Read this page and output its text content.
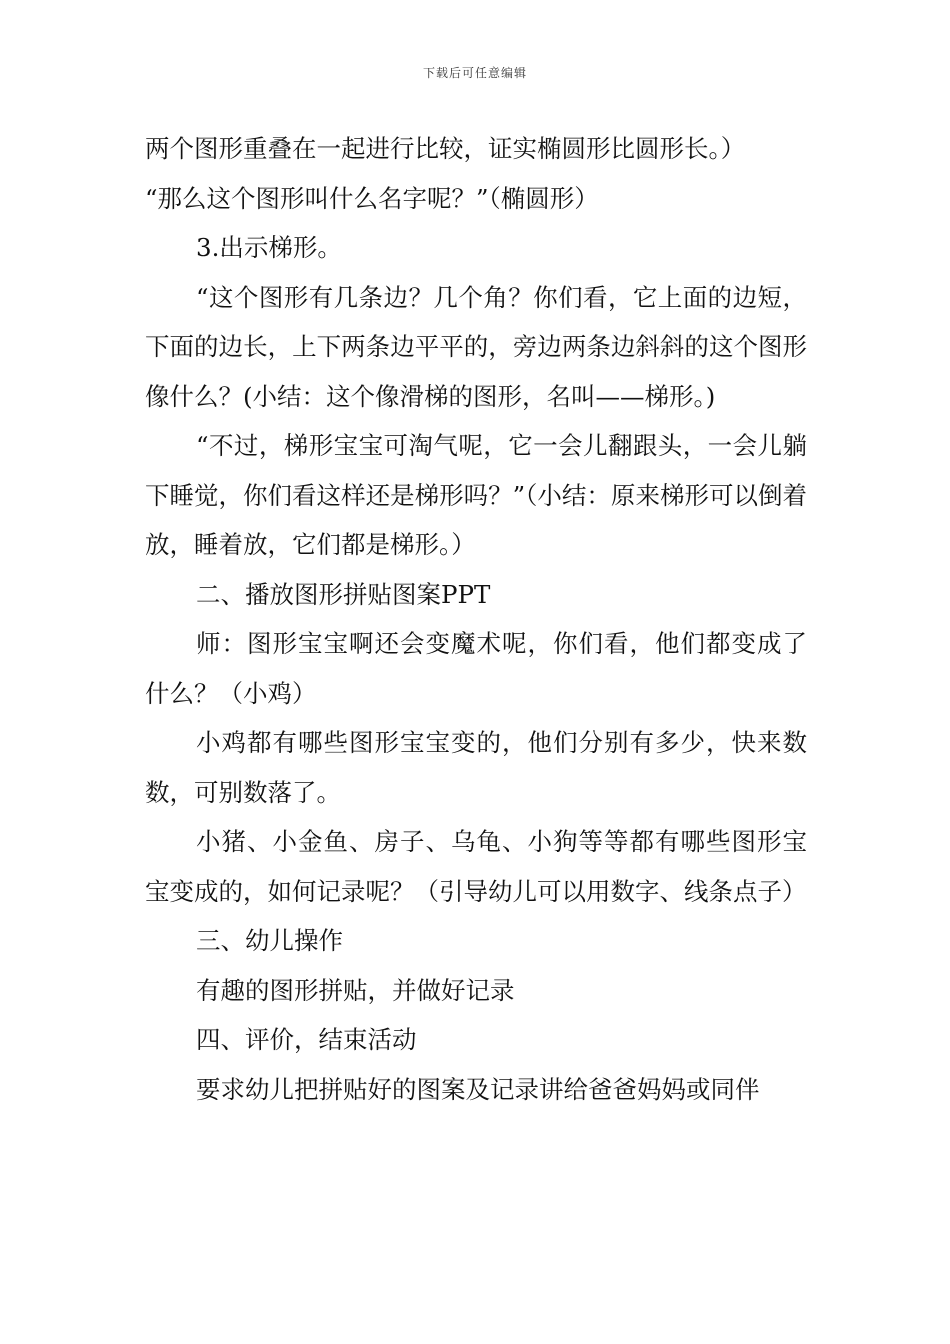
下载后可任意编辑

两个图形重叠在一起进行比较，证实椭圆形比圆形长。）

“那么这个图形叫什么名字呢？”（椭圆形）

3.出示梯形。

“这个图形有几条边？几个角？你们看，它上面的边短，下面的边长，上下两条边平平的，旁边两条边斜斜的这个图形像什么？(小结：这个像滑梯的图形，名叫——梯形。)

“不过，梯形宝宝可淘气呢，它一会儿翻跟头，一会儿躺下睡觉，你们看这样还是梯形吗？”（小结：原来梯形可以倒着放，睡着放，它们都是梯形。）

二、播放图形拼贴图案PPT

师：图形宝宝啊还会变魔术呢，你们看，他们都变成了什么？（小鸡）

小鸡都有哪些图形宝宝变的，他们分别有多少，快来数数，可别数落了。

小猪、小金鱼、房子、乌龟、小狗等等都有哪些图形宝宝变成的，如何记录呢？（引导幼儿可以用数字、线条点子）

三、幼儿操作

有趣的图形拼贴，并做好记录

四、评价，结束活动

要求幼儿把拼贴好的图案及记录讲给爸爸妈妈或同伴
